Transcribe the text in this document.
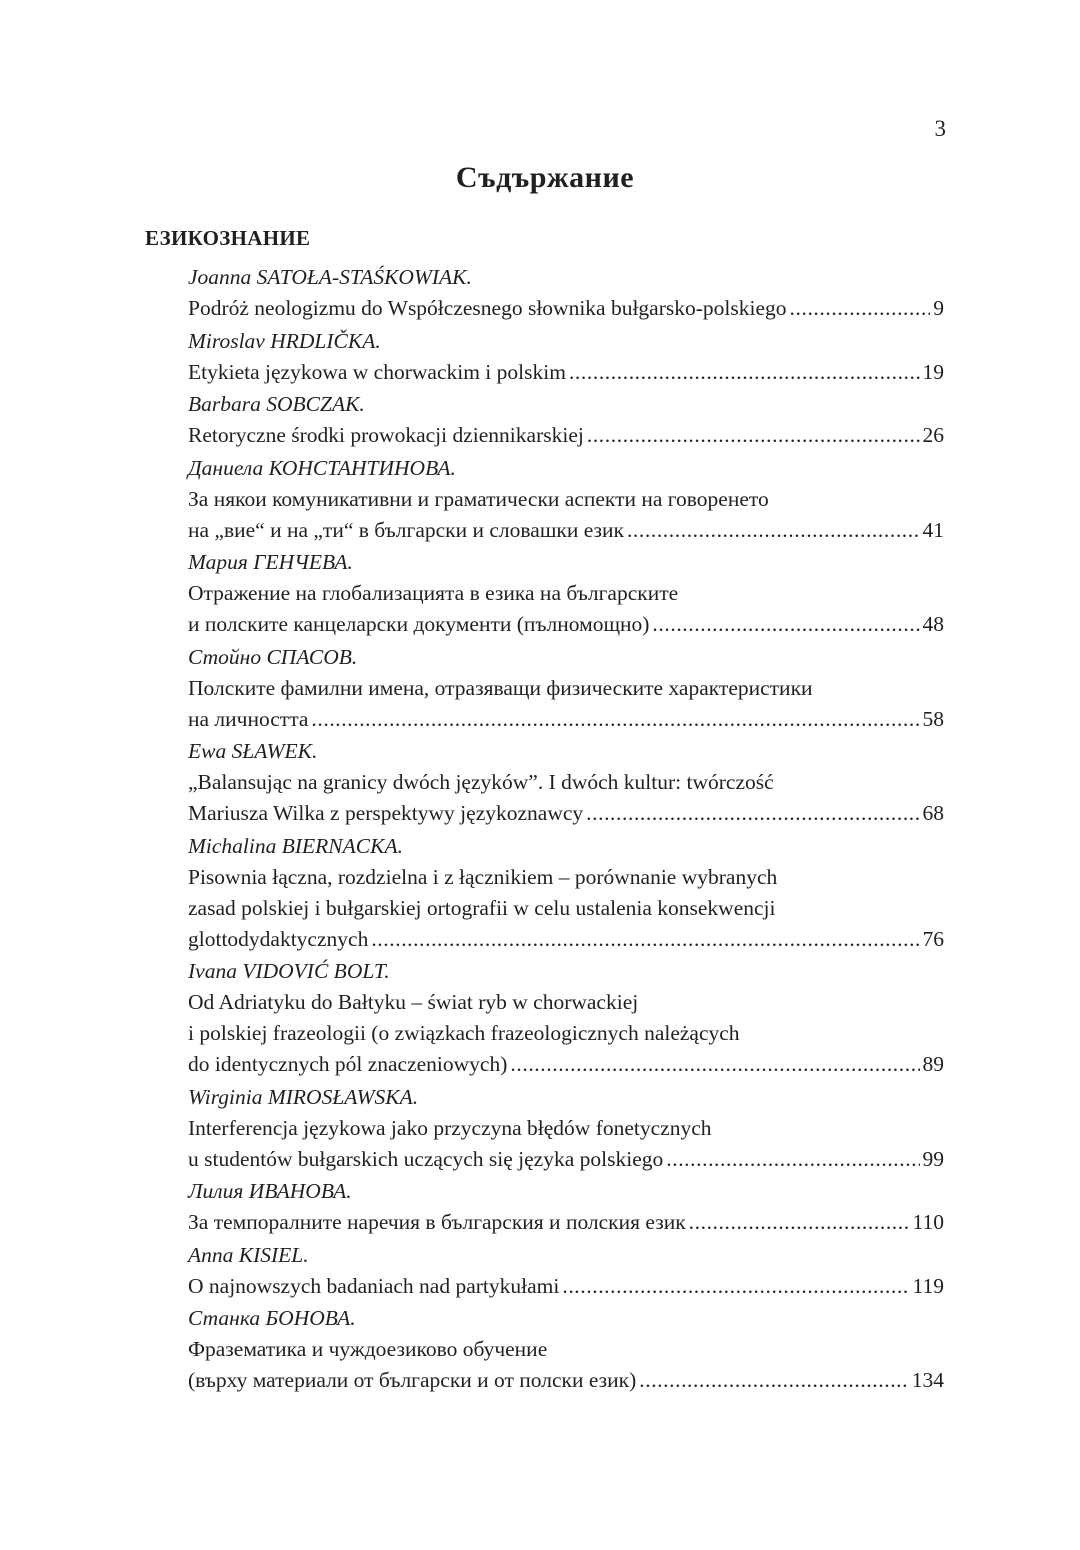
3
Съдържание
ЕЗИКОЗНАНИЕ
Joanna SATOŁA-STAŚKOWIAK.
Podróż neologizmu do Współczesnego słownika bułgarsko-polskiego .....	9
Miroslav HRDLIČKA.
Etykieta językowa w chorwackim i polskim .....	19
Barbara SOBCZAK.
Retoryczne środki prowokacji dziennikarskiej .....	26
Даниела КОНСТАНТИНОВА.
За някои комуникативни и граматически аспекти на говоренето
на „вие“ и на „ти“ в български и словашки език .....	41
Мария ГЕНЧЕВА.
Отражение на глобализацията в езика на българските
и полските канцеларски документи (пълномощно) .....	48
Стойно СПАСОВ.
Полските фамилни имена, отразяващи физическите характеристики
на личността .....	58
Ewa SŁAWEK.
„Balansując na granicy dwóch języków”. I dwóch kultur: twórczość
Mariusza Wilka z perspektywy językoznawcy .....	68
Michalina BIERNACKA.
Pisownia łączna, rozdzielna i z łącznikiem – porównanie wybranych
zasad polskiej i bułgarskiej ortografii w celu ustalenia konsekwencji
glottodydaktycznych .....	76
Ivana VIDOVIĆ BOLT.
Od Adriatyku do Bałtyku – świat ryb w chorwackiej
i polskiej frazeologii (o związkach frazeologicznych należących
do identycznych pól znaczeniowych) .....	89
Wirginia MIROSŁAWSKA.
Interferencja językowa jako przyczyna błędów fonetycznych
u studentów bułgarskich uczących się języka polskiego .....	99
Лилия ИВАНОВА.
За темпоралните наречия в българския и полския език .....	110
Anna KISIEL.
O najnowszych badaniach nad partykułami .....	119
Станка БОНОВА.
Фразематика и чуждоезиково обучение
(върху материали от български и от полски език) .....	134
